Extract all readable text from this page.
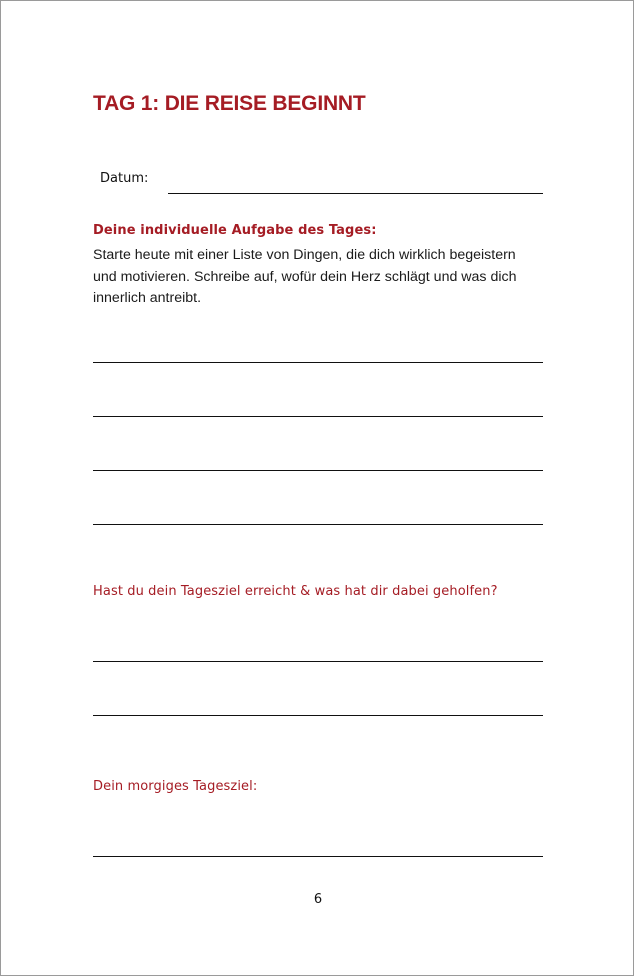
TAG 1: DIE REISE BEGINNT
Datum:
Deine individuelle Aufgabe des Tages:
Starte heute mit einer Liste von Dingen, die dich wirklich begeistern und motivieren. Schreibe auf, wofür dein Herz schlägt und was dich innerlich antreibt.
Hast du dein Tagesziel erreicht & was hat dir dabei geholfen?
Dein morgiges Tagesziel:
6
